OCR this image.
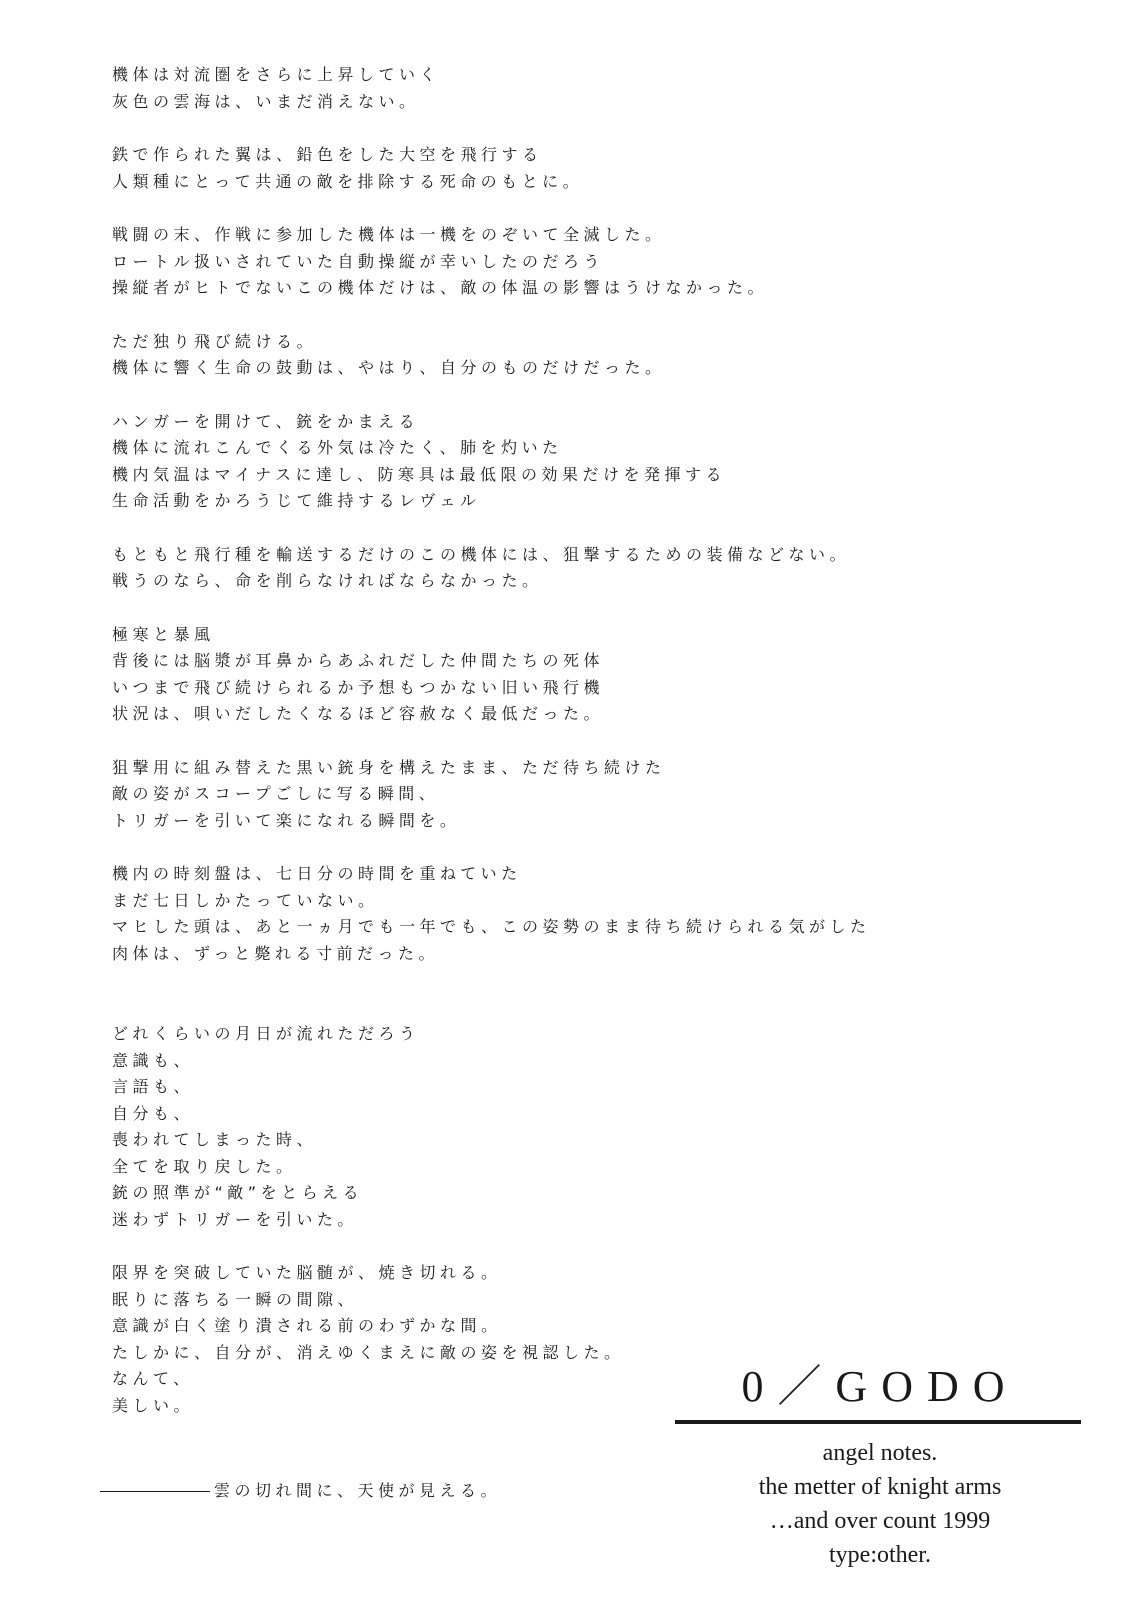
機体は対流圏をさらに上昇していく
灰色の雲海は、いまだ消えない。
鉄で作られた翼は、鉛色をした大空を飛行する
人類種にとって共通の敵を排除する死命のもとに。
戦闘の末、作戦に参加した機体は一機をのぞいて全滅した。
ロートル扱いされていた自動操縦が幸いしたのだろう
操縦者がヒトでないこの機体だけは、敵の体温の影響はうけなかった。
ただ独り飛び続ける。
機体に響く生命の鼓動は、やはり、自分のものだけだった。
ハンガーを開けて、銃をかまえる
機体に流れこんでくる外気は冷たく、肺を灼いた
機内気温はマイナスに達し、防寒具は最低限の効果だけを発揮する
生命活動をかろうじて維持するレヴェル
もともと飛行種を輸送するだけのこの機体には、狙撃するための装備などない。
戦うのなら、命を削らなければならなかった。
極寒と暴風
背後には脳漿が耳鼻からあふれだした仲間たちの死体
いつまで飛び続けられるか予想もつかない旧い飛行機
状況は、唄いだしたくなるほど容赦なく最低だった。
狙撃用に組み替えた黒い銃身を構えたまま、ただ待ち続けた
敵の姿がスコープごしに写る瞬間、
トリガーを引いて楽になれる瞬間を。
機内の時刻盤は、七日分の時間を重ねていた
まだ七日しかたっていない。
マヒした頭は、あと一ヵ月でも一年でも、この姿勢のまま待ち続けられる気がした
肉体は、ずっと斃れる寸前だった。
どれくらいの月日が流れただろう
意識も、
言語も、
自分も、
喪われてしまった時、
全てを取り戻した。
銃の照準が“敵”をとらえる
迷わずトリガーを引いた。
限界を突破していた脳髄が、焼き切れる。
眠りに落ちる一瞬の間隙、
意識が白く塗り潰される前のわずかな間。
たしかに、自分が、消えゆくまえに敵の姿を視認した。
なんて、
美しい。
雲の切れ間に、天使が見える。
0／GODO
angel notes.
the metter of knight arms
…and over count 1999
type:other.
